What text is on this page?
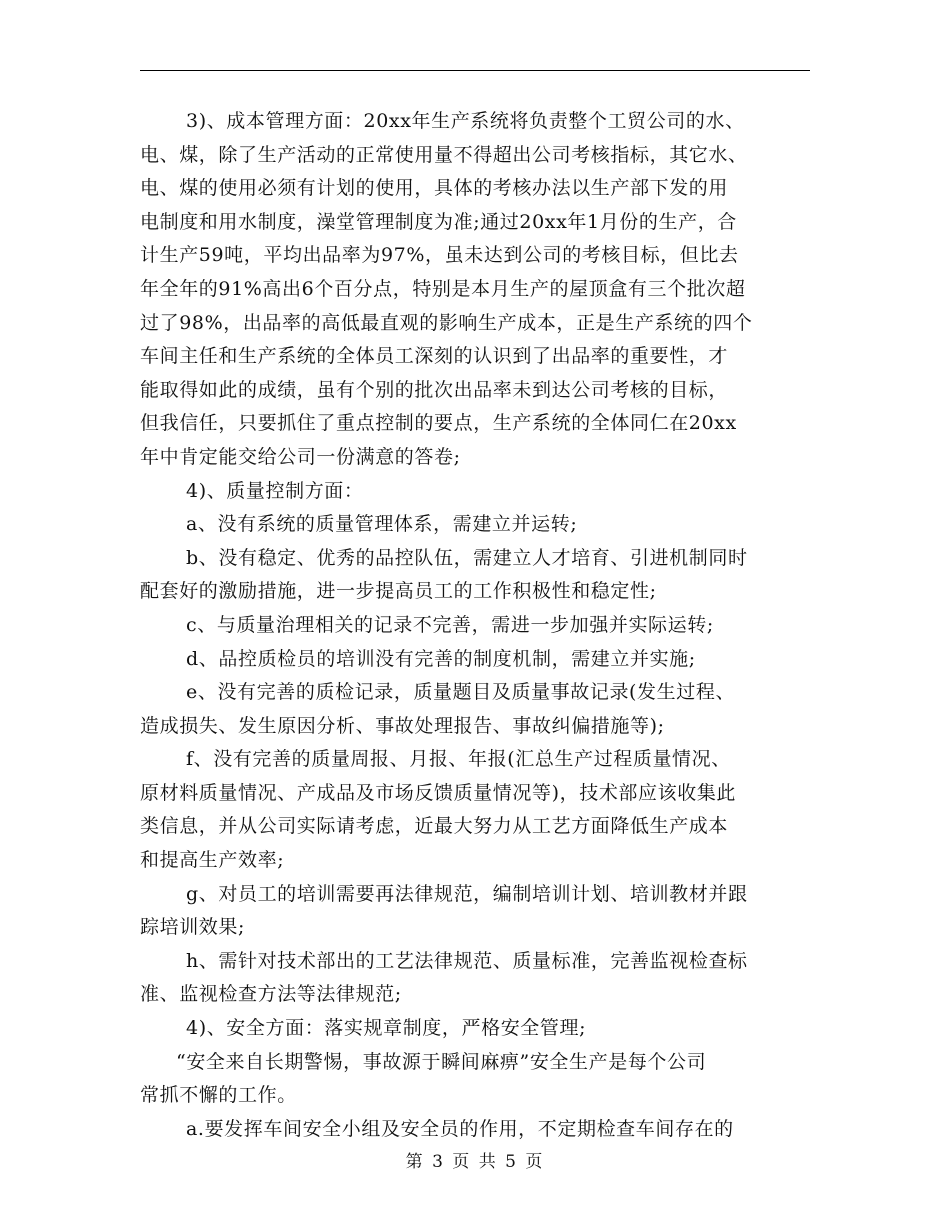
3)、成本管理方面：20xx年生产系统将负责整个工贸公司的水、
电、煤，除了生产活动的正常使用量不得超出公司考核指标，其它水、
电、煤的使用必须有计划的使用，具体的考核办法以生产部下发的用
电制度和用水制度，澡堂管理制度为准;通过20xx年1月份的生产，合
计生产59吨，平均出品率为97%，虽未达到公司的考核目标，但比去
年全年的91%高出6个百分点，特别是本月生产的屋顶盒有三个批次超
过了98%，出品率的高低最直观的影响生产成本，正是生产系统的四个
车间主任和生产系统的全体员工深刻的认识到了出品率的重要性，才
能取得如此的成绩，虽有个别的批次出品率未到达公司考核的目标，
但我信任，只要抓住了重点控制的要点，生产系统的全体同仁在20xx
年中肯定能交给公司一份满意的答卷;
4)、质量控制方面：
a、没有系统的质量管理体系，需建立并运转;
b、没有稳定、优秀的品控队伍，需建立人才培育、引进机制同时
配套好的激励措施，进一步提高员工的工作积极性和稳定性;
c、与质量治理相关的记录不完善，需进一步加强并实际运转;
d、品控质检员的培训没有完善的制度机制，需建立并实施;
e、没有完善的质检记录，质量题目及质量事故记录(发生过程、
造成损失、发生原因分析、事故处理报告、事故纠偏措施等);
f、没有完善的质量周报、月报、年报(汇总生产过程质量情况、
原材料质量情况、产成品及市场反馈质量情况等)，技术部应该收集此
类信息，并从公司实际请考虑，近最大努力从工艺方面降低生产成本
和提高生产效率;
g、对员工的培训需要再法律规范，编制培训计划、培训教材并跟
踪培训效果;
h、需针对技术部出的工艺法律规范、质量标准，完善监视检查标
准、监视检查方法等法律规范;
4)、安全方面：落实规章制度，严格安全管理;
“安全来自长期警惕，事故源于瞬间麻痹”安全生产是每个公司
常抓不懈的工作。
a.要发挥车间安全小组及安全员的作用，不定期检查车间存在的
第 3 页 共 5 页
